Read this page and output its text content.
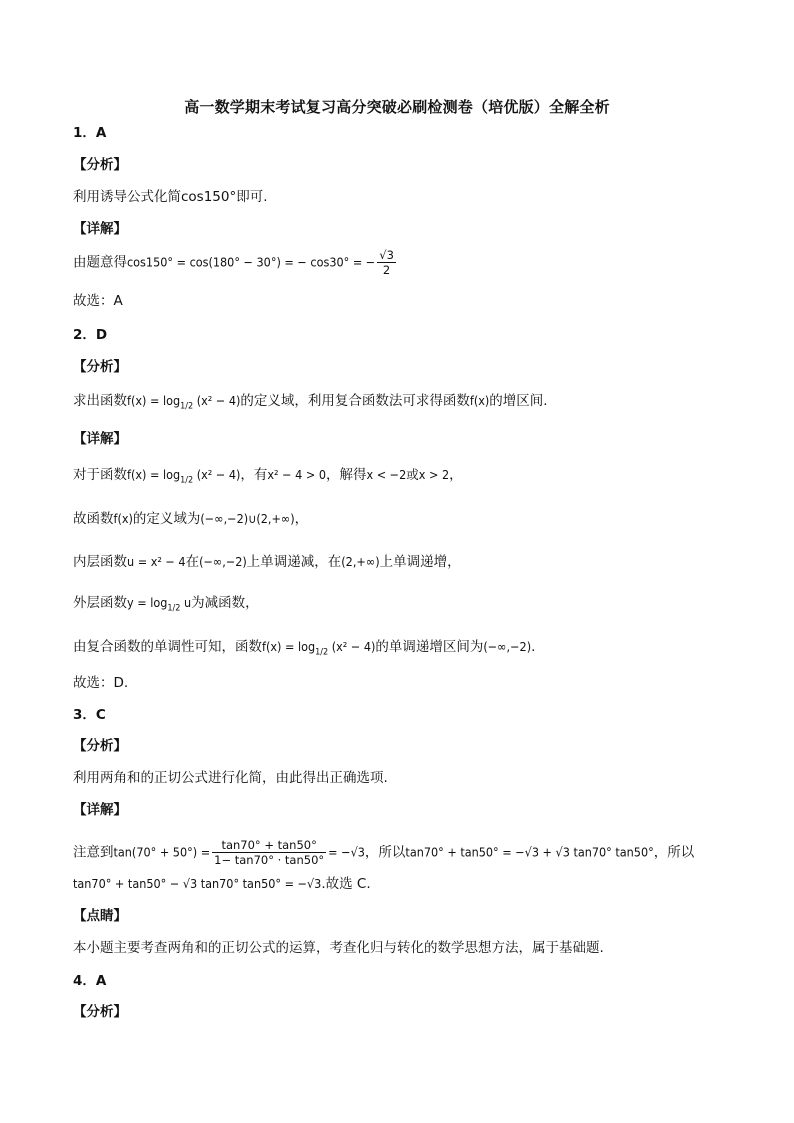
高一数学期末考试复习高分突破必刷检测卷（培优版）全解全析
1．A
【分析】
利用诱导公式化简cos150°即可.
【详解】
由题意得cos150° = cos(180° − 30°) = − cos30° = − $\frac{√3}{2}$
故选：A
2．D
【分析】
求出函数$f(x) = \log_{1/2} (x^2 - 4)$的定义域，利用复合函数法可求得函数f(x)的增区间.
【详解】
对于函数$f(x) = \log_{1/2} (x^2 - 4)$，有x² − 4 > 0，解得x < −2或x > 2，
故函数f(x)的定义域为(−∞,−2)∪(2,+∞)，
内层函数u = x² − 4在(−∞,−2)上单调递减，在(2,+∞)上单调递增，
外层函数$y = \log_{1/2} u$为减函数，
由复合函数的单调性可知，函数$f(x) = \log_{1/2} (x^2 - 4)$的单调递增区间为(−∞,−2).
故选：D.
3．C
【分析】
利用两角和的正切公式进行化简，由此得出正确选项.
【详解】
注意到$\tan(70^\circ + 50^\circ) = \frac{\tan 70^\circ + \tan 50^\circ}{1- \tan 70^\circ \cdot \tan 50^\circ} = -√3$，所以tan70° + tan50° = −√3 + √3 tan70° tan50°，所以
tan70° + tan50° − √3 tan70° tan50° = −√3.故选 C.
【点睛】
本小题主要考查两角和的正切公式的运算，考查化归与转化的数学思想方法，属于基础题.
4．A
【分析】
